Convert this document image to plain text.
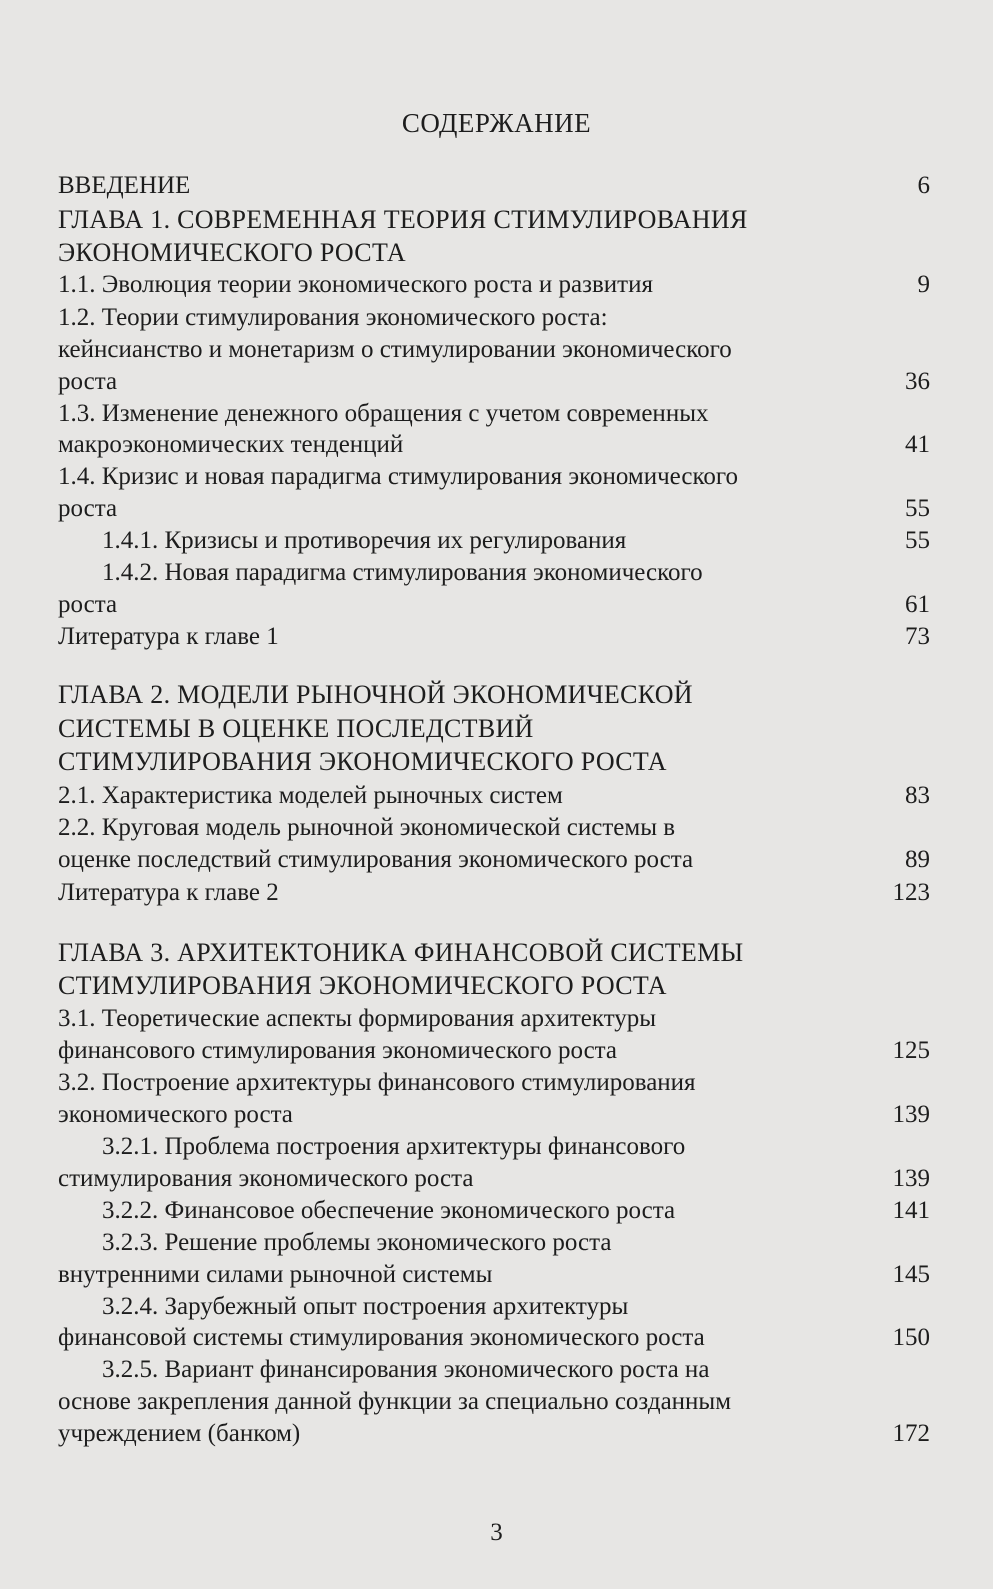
СОДЕРЖАНИЕ
ВВЕДЕНИЕ	6
ГЛАВА 1. СОВРЕМЕННАЯ ТЕОРИЯ СТИМУЛИРОВАНИЯ
ЭКОНОМИЧЕСКОГО РОСТА
1.1. Эволюция теории экономического роста и развития	9
1.2. Теории стимулирования экономического роста:
кейнсианство и монетаризм о стимулировании экономического
роста	36
1.3. Изменение денежного обращения с учетом современных
макроэкономических тенденций	41
1.4. Кризис и новая парадигма стимулирования экономического
роста	55
1.4.1. Кризисы и противоречия их регулирования	55
1.4.2. Новая парадигма стимулирования экономического
роста	61
Литература к главе 1	73
ГЛАВА 2. МОДЕЛИ РЫНОЧНОЙ ЭКОНОМИЧЕСКОЙ
СИСТЕМЫ В ОЦЕНКЕ ПОСЛЕДСТВИЙ
СТИМУЛИРОВАНИЯ ЭКОНОМИЧЕСКОГО РОСТА
2.1. Характеристика моделей рыночных систем	83
2.2. Круговая модель рыночной экономической системы в
оценке последствий стимулирования экономического роста	89
Литература к главе 2	123
ГЛАВА 3. АРХИТЕКТОНИКА ФИНАНСОВОЙ СИСТЕМЫ
СТИМУЛИРОВАНИЯ ЭКОНОМИЧЕСКОГО РОСТА
3.1. Теоретические аспекты формирования архитектуры
финансового стимулирования экономического роста	125
3.2. Построение архитектуры финансового стимулирования
экономического роста	139
3.2.1. Проблема построения архитектуры финансового
стимулирования экономического роста	139
3.2.2. Финансовое обеспечение экономического роста	141
3.2.3. Решение проблемы экономического роста
внутренними силами рыночной системы	145
3.2.4. Зарубежный опыт построения архитектуры
финансовой системы стимулирования экономического роста	150
3.2.5. Вариант финансирования экономического роста на
основе закрепления данной функции за специально созданным
учреждением (банком)	172
3
